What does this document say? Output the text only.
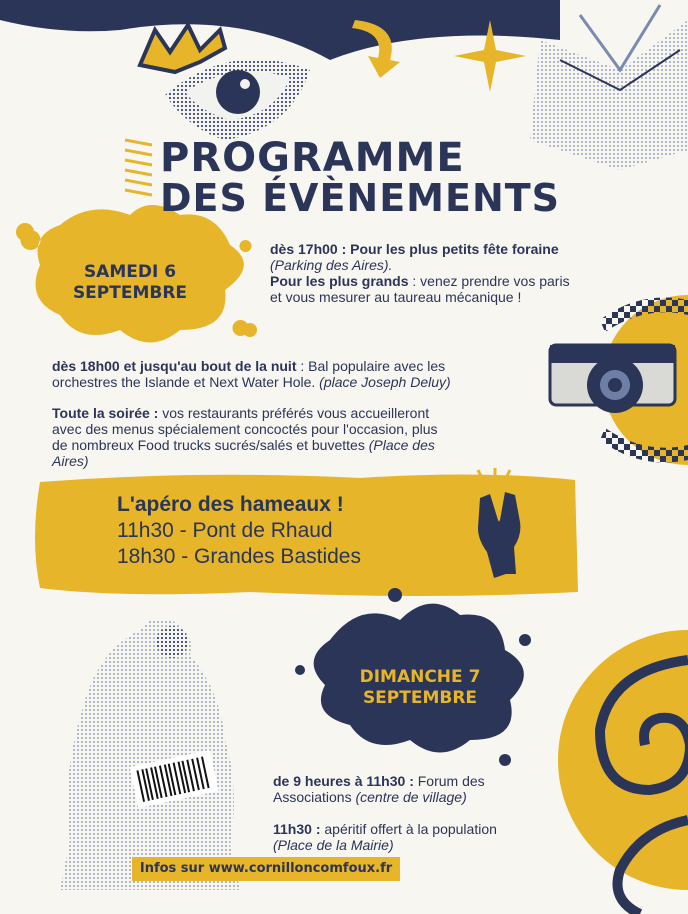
PROGRAMME
DES ÉVÈNEMENTS
SAMEDI 6
SEPTEMBRE
dès 17h00 : Pour les plus petits fête foraine
(Parking des Aires).
Pour les plus grands : venez prendre vos paris
et vous mesurer au taureau mécanique !
dès 18h00 et jusqu'au bout de la nuit : Bal populaire avec les
orchestres the Islande et Next Water Hole. (place Joseph Deluy)
Toute la soirée : vos restaurants préférés vous accueilleront
avec des menus spécialement concoctés pour l'occasion, plus
de nombreux Food trucks sucrés/salés et buvettes (Place des
Aires)
L'apéro des hameaux !
11h30 - Pont de Rhaud
18h30 - Grandes Bastides
DIMANCHE 7
SEPTEMBRE
de 9 heures à 11h30 : Forum des
Associations (centre de village)
11h30 : apéritif offert à la population
(Place de la Mairie)
Infos sur www.cornilloncomfoux.fr
